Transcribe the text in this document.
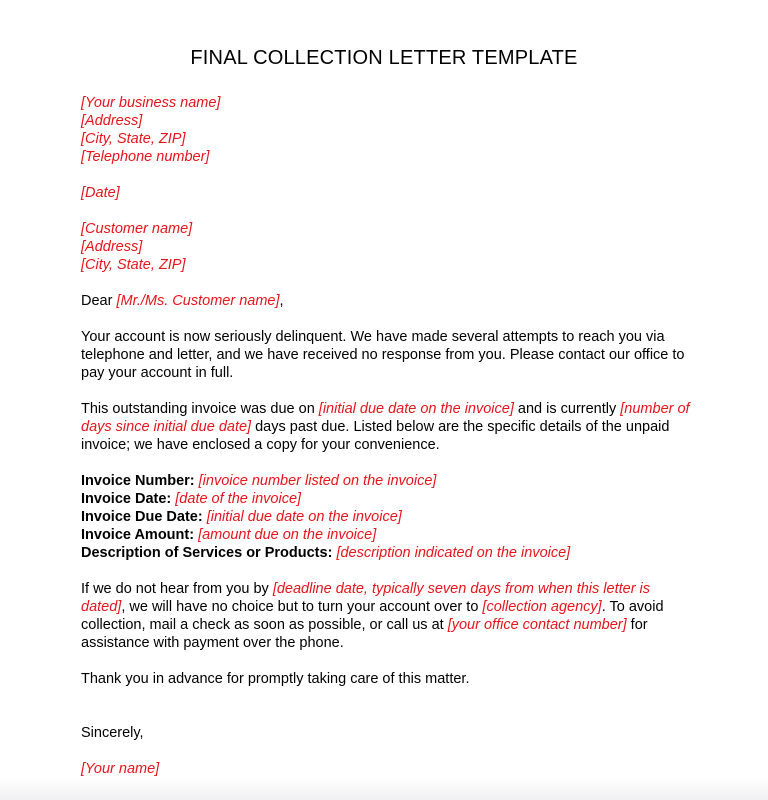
FINAL COLLECTION LETTER TEMPLATE
[Your business name]
[Address]
[City, State, ZIP]
[Telephone number]
[Date]
[Customer name]
[Address]
[City, State, ZIP]
Dear [Mr./Ms. Customer name],
Your account is now seriously delinquent. We have made several attempts to reach you via
telephone and letter, and we have received no response from you. Please contact our office to
pay your account in full.
This outstanding invoice was due on [initial due date on the invoice] and is currently [number of
days since initial due date] days past due. Listed below are the specific details of the unpaid
invoice; we have enclosed a copy for your convenience.
Invoice Number: [invoice number listed on the invoice]
Invoice Date: [date of the invoice]
Invoice Due Date: [initial due date on the invoice]
Invoice Amount: [amount due on the invoice]
Description of Services or Products: [description indicated on the invoice]
If we do not hear from you by [deadline date, typically seven days from when this letter is
dated], we will have no choice but to turn your account over to [collection agency]. To avoid
collection, mail a check as soon as possible, or call us at [your office contact number] for
assistance with payment over the phone.
Thank you in advance for promptly taking care of this matter.
Sincerely,
[Your name]
